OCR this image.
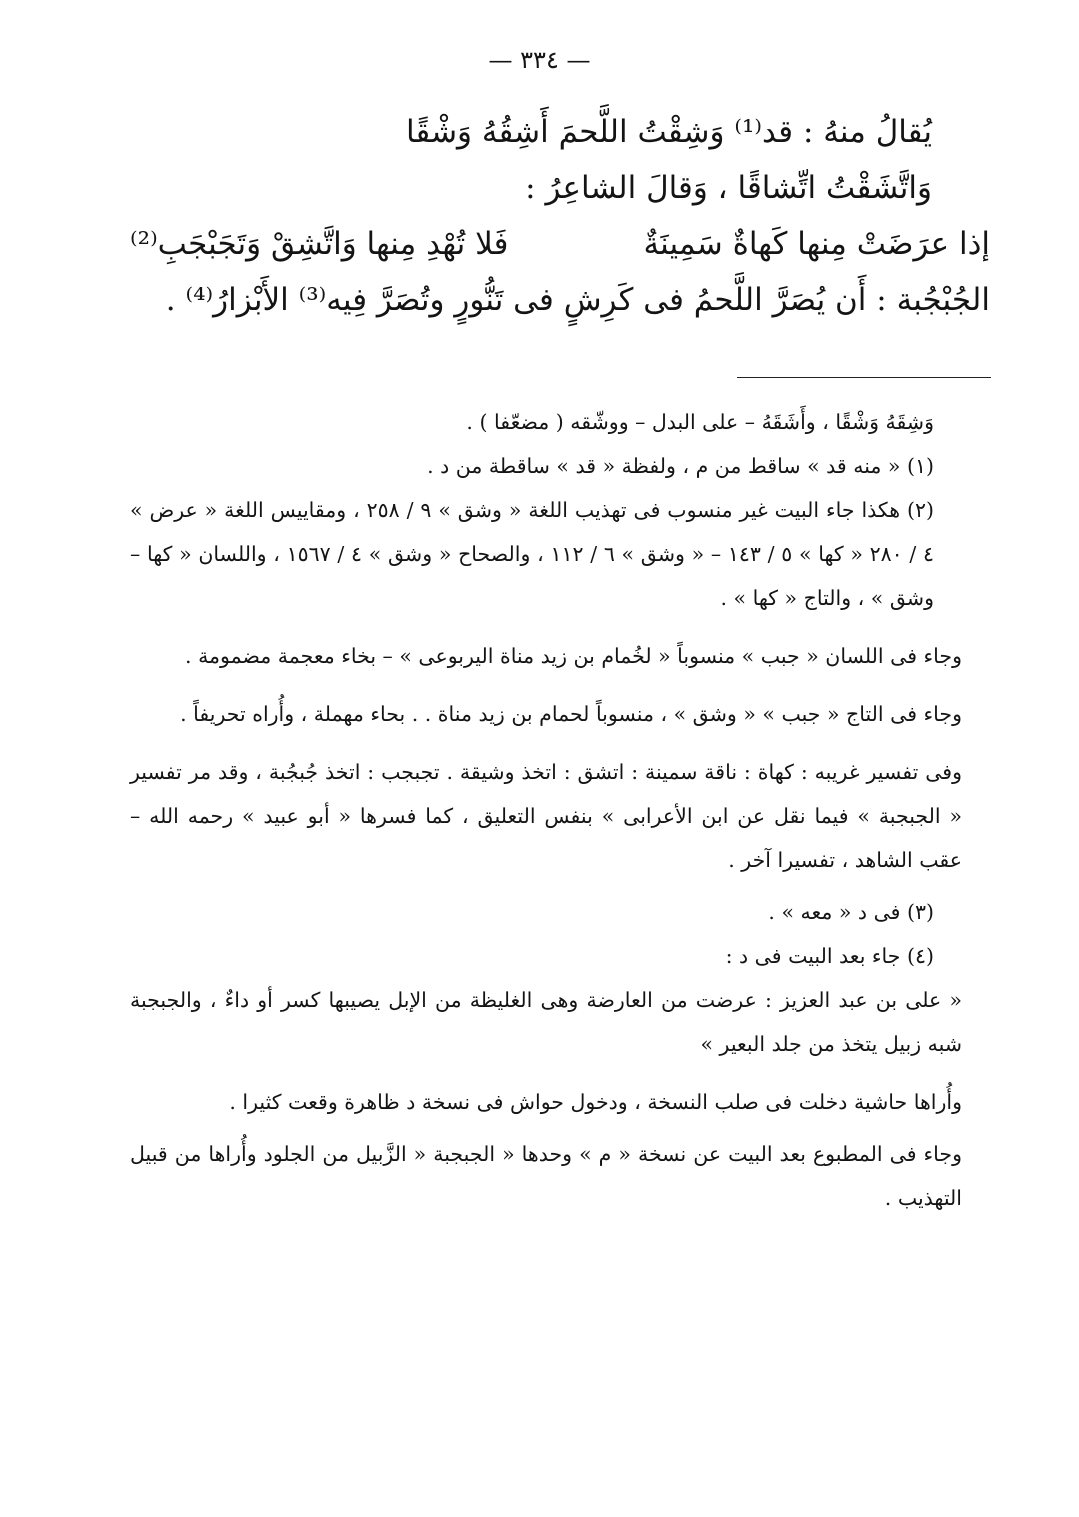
— ٣٣٤ —
يُقالُ منهُ : قد⁽¹⁾ وَشِقْتُ اللَّحمَ أَشِقُهُ وَشْقًا
وَاتَّشَقْتُ اتِّشاقًا ، وَقالَ الشاعِرُ :
إذا عرَضَتْ مِنها كَهاةٌ سَمِينَةٌ
فَلا تُهْدِ مِنها وَاتَّشِقْ وَتَجَبْجَبِ⁽²⁾
الجُبْجُبة : أَن يُصَرَّ اللَّحمُ فى كَرِشٍ فى تَنُّورٍ وتُصَرَّ فِيه⁽³⁾ الأَبْزارُ⁽⁴⁾ .

وَشِقَهُ وَشْقًا ، وأَشَقَهُ – على البدل – ووشّقه ( مضعّفا ) .

(١) « منه قد » ساقط من م ، ولفظة « قد » ساقطة من د .

(٢) هكذا جاء البيت غير منسوب فى تهذيب اللغة « وشق » ٩ / ٢٥٨ ، ومقاييس اللغة « عرض » ٤ / ٢٨٠ « كها » ٥ / ١٤٣ – « وشق » ٦ / ١١٢ ، والصحاح « وشق » ٤ / ١٥٦٧ ، واللسان « كها – وشق » ، والتاج « كها » .

وجاء فى اللسان « جبب » منسوباً « لخُمام بن زيد مناة اليربوعى » – بخاء معجمة مضمومة .

وجاء فى التاج « جبب » « وشق » ، منسوباً لحمام بن زيد مناة . . بحاء مهملة ، وأُراه تحريفاً .

وفى تفسير غريبه : كهاة : ناقة سمينة : اتشق : اتخذ وشيقة . تجبجب : اتخذ جُبجُبة ، وقد مر تفسير « الجبجبة » فيما نقل عن ابن الأعرابى » بنفس التعليق ، كما فسرها « أبو عبيد » رحمه الله – عقب الشاهد ، تفسيرا آخر .

(٣) فى د « معه » .

(٤) جاء بعد البيت فى د :

« على بن عبد العزيز : عرضت من العارضة وهى الغليظة من الإبل يصيبها كسر أو داءٌ ، والجبجبة شبه زبيل يتخذ من جلد البعير »

وأُراها حاشية دخلت فى صلب النسخة ، ودخول حواش فى نسخة د ظاهرة وقعت كثيرا .

وجاء فى المطبوع بعد البيت عن نسخة « م » وحدها « الجبجبة « الزَّبيل من الجلود وأُراها من قبيل التهذيب .
